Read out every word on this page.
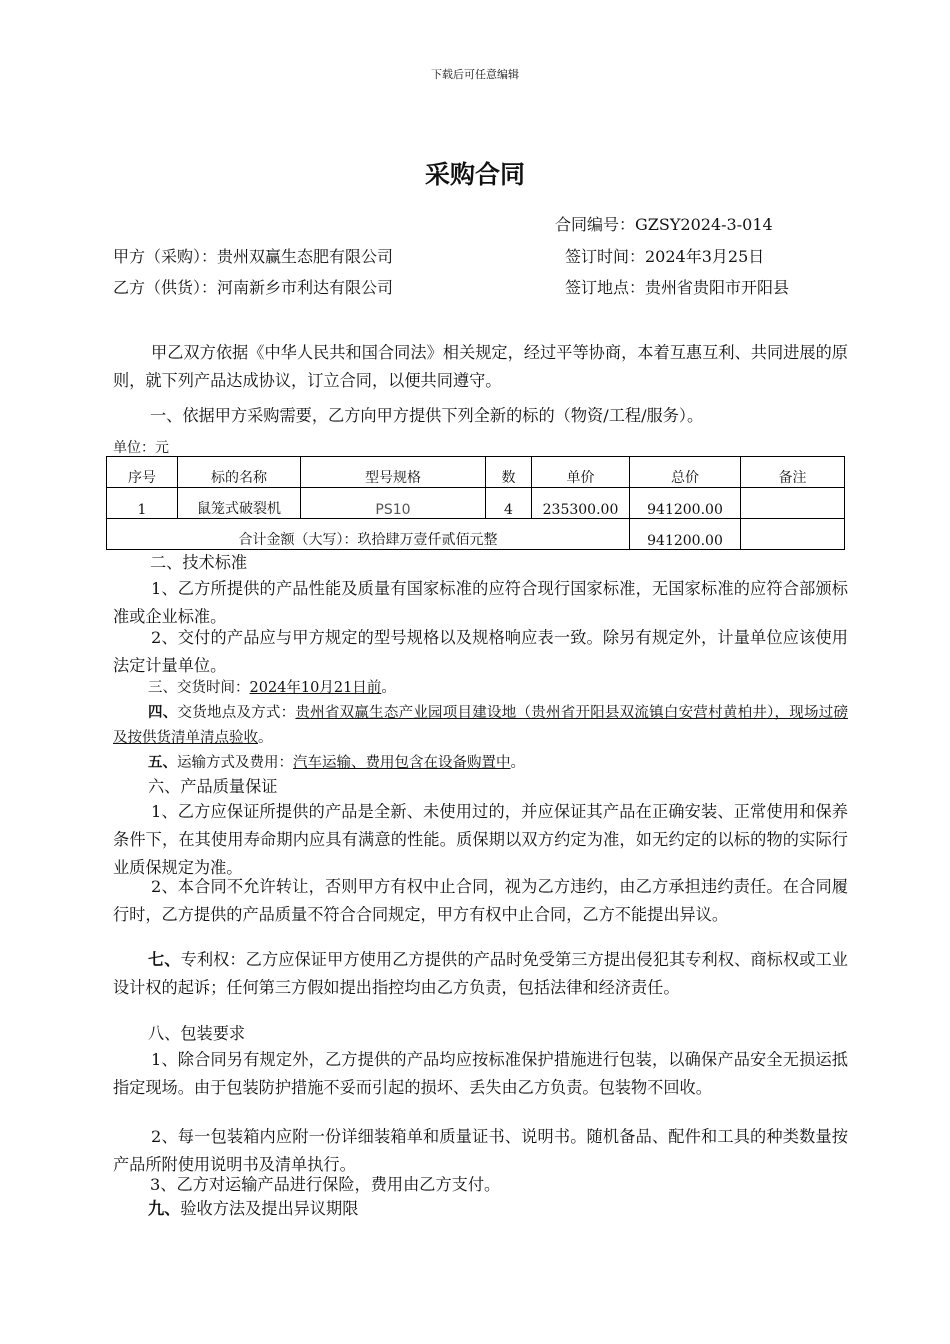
下载后可任意编辑
采购合同
合同编号：GZSY2024-3-014
甲方（采购）：贵州双赢生态肥有限公司	签订时间：2024年3月25日
乙方（供货）：河南新乡市利达有限公司	签订地点：贵州省贵阳市开阳县
甲乙双方依据《中华人民共和国合同法》相关规定，经过平等协商，本着互惠互利、共同进展的原则，就下列产品达成协议，订立合同，以便共同遵守。
一、依据甲方采购需要，乙方向甲方提供下列全新的标的（物资/工程/服务）。
单位：元
序号	标的名称	型号规格	数	单价	总价	备注
1	鼠笼式破裂机	PS10	4	235300.00	941200.00	
合计金额（大写）：玖拾肆万壹仟贰佰元整					941200.00	
二、技术标准
1、乙方所提供的产品性能及质量有国家标准的应符合现行国家标准，无国家标准的应符合部颁标准或企业标准。
2、交付的产品应与甲方规定的型号规格以及规格响应表一致。除另有规定外，计量单位应该使用法定计量单位。
三、交货时间：2024年10月21日前。
四、交货地点及方式：贵州省双赢生态产业园项目建设地（贵州省开阳县双流镇白安营村黄柏井），现场过磅及按供货清单清点验收。
五、运输方式及费用：汽车运输、费用包含在设备购置中。
六、产品质量保证
1、乙方应保证所提供的产品是全新、未使用过的，并应保证其产品在正确安装、正常使用和保养条件下，在其使用寿命期内应具有满意的性能。质保期以双方约定为准，如无约定的以标的物的实际行业质保规定为准。
2、本合同不允许转让，否则甲方有权中止合同，视为乙方违约，由乙方承担违约责任。在合同履行时，乙方提供的产品质量不符合合同规定，甲方有权中止合同，乙方不能提出异议。
七、专利权：乙方应保证甲方使用乙方提供的产品时免受第三方提出侵犯其专利权、商标权或工业设计权的起诉；任何第三方假如提出指控均由乙方负责，包括法律和经济责任。
八、包装要求
1、除合同另有规定外，乙方提供的产品均应按标准保护措施进行包装，以确保产品安全无损运抵指定现场。由于包装防护措施不妥而引起的损坏、丢失由乙方负责。包装物不回收。
2、每一包装箱内应附一份详细装箱单和质量证书、说明书。随机备品、配件和工具的种类数量按产品所附使用说明书及清单执行。
3、乙方对运输产品进行保险，费用由乙方支付。
九、验收方法及提出异议期限
